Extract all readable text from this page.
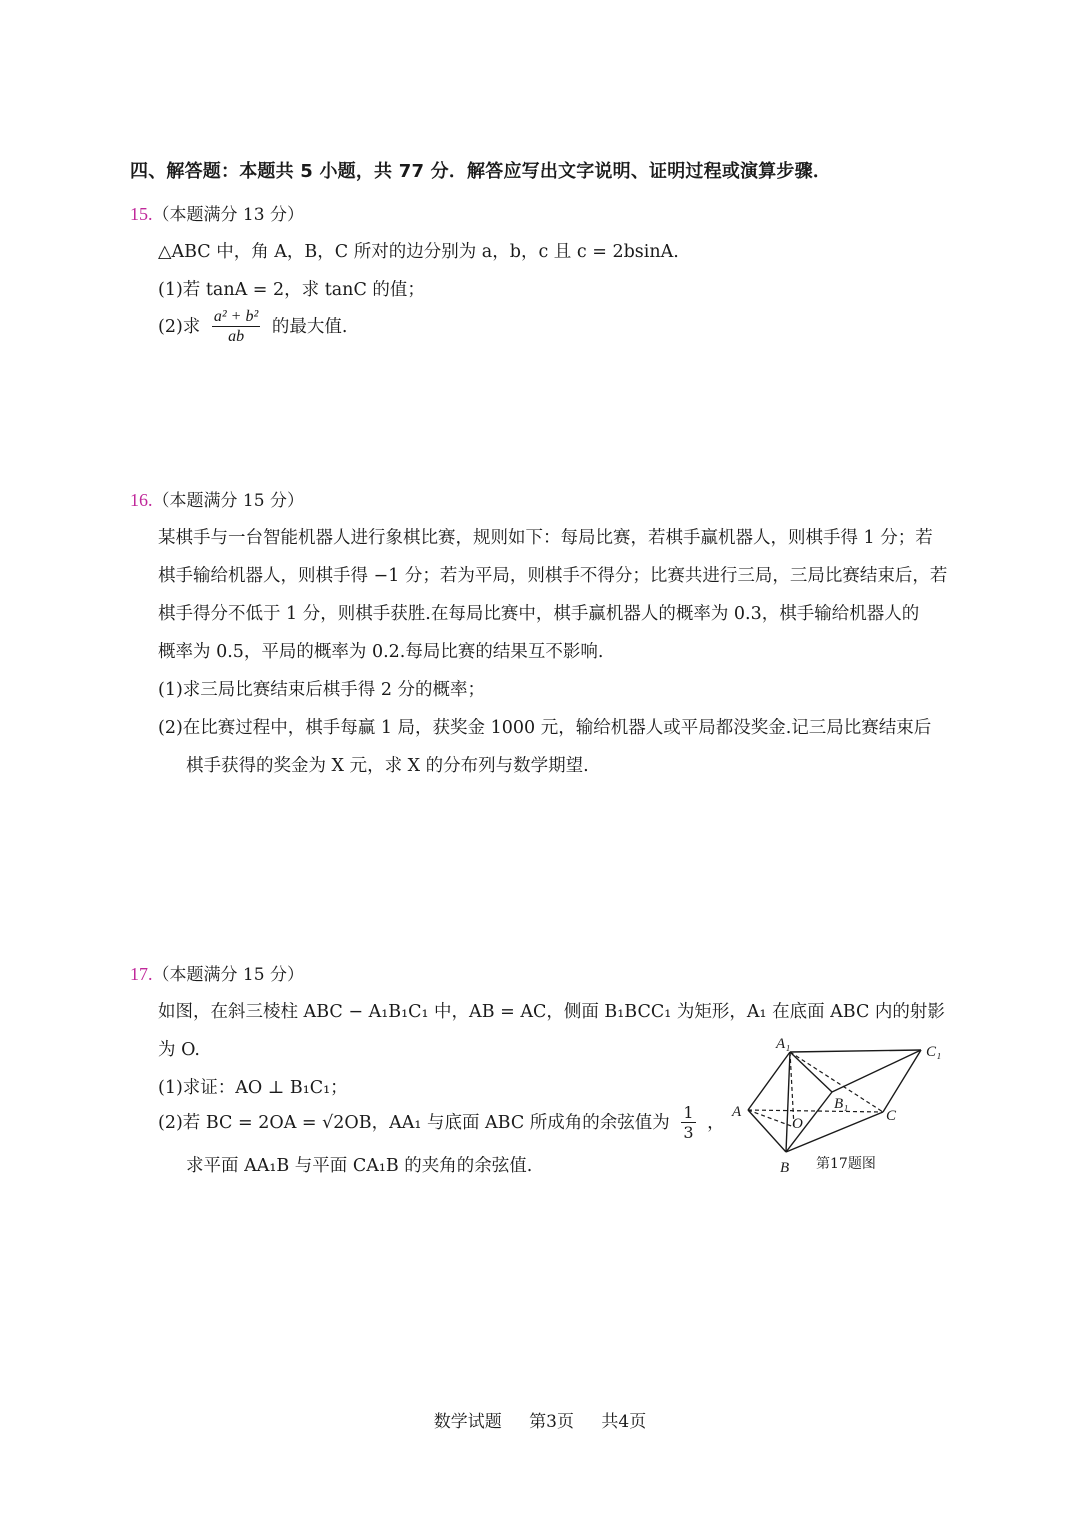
四、解答题：本题共 5 小题，共 77 分．解答应写出文字说明、证明过程或演算步骤．
15.（本题满分 13 分）
△ABC 中，角 A，B，C 所对的边分别为 a，b，c 且 c = 2bsinA.
(1)若 tanA = 2，求 tanC 的值；
(2)求 $\frac{\text{a² + b²}}{ab}$ 的最大值.
16.（本题满分 15 分）
某棋手与一台智能机器人进行象棋比赛，规则如下：每局比赛，若棋手赢机器人，则棋手得 1 分；若
棋手输给机器人，则棋手得 −1 分；若为平局，则棋手不得分；比赛共进行三局，三局比赛结束后，若
棋手得分不低于 1 分，则棋手获胜.在每局比赛中，棋手赢机器人的概率为 0.3，棋手输给机器人的
概率为 0.5，平局的概率为 0.2.每局比赛的结果互不影响.
(1)求三局比赛结束后棋手得 2 分的概率；
(2)在比赛过程中，棋手每赢 1 局，获奖金 1000 元，输给机器人或平局都没奖金.记三局比赛结束后
棋手获得的奖金为 X 元，求 X 的分布列与数学期望.
17.（本题满分 15 分）
如图，在斜三棱柱 ABC − A₁B₁C₁ 中，AB = AC，侧面 B₁BCC₁ 为矩形，A₁ 在底面 ABC 内的射影
为 O.
(1)求证：AO ⊥ B₁C₁；
(2)若 BC = 2OA = √2OB，AA₁ 与底面 ABC 所成角的余弦值为 $\frac{1}{3}$ ，
求平面 AA₁B 与平面 CA₁B 的夹角的余弦值.
A₁	C₁
B₁
A
O	C
B 第17题图
数学试题 第3页 共4页
